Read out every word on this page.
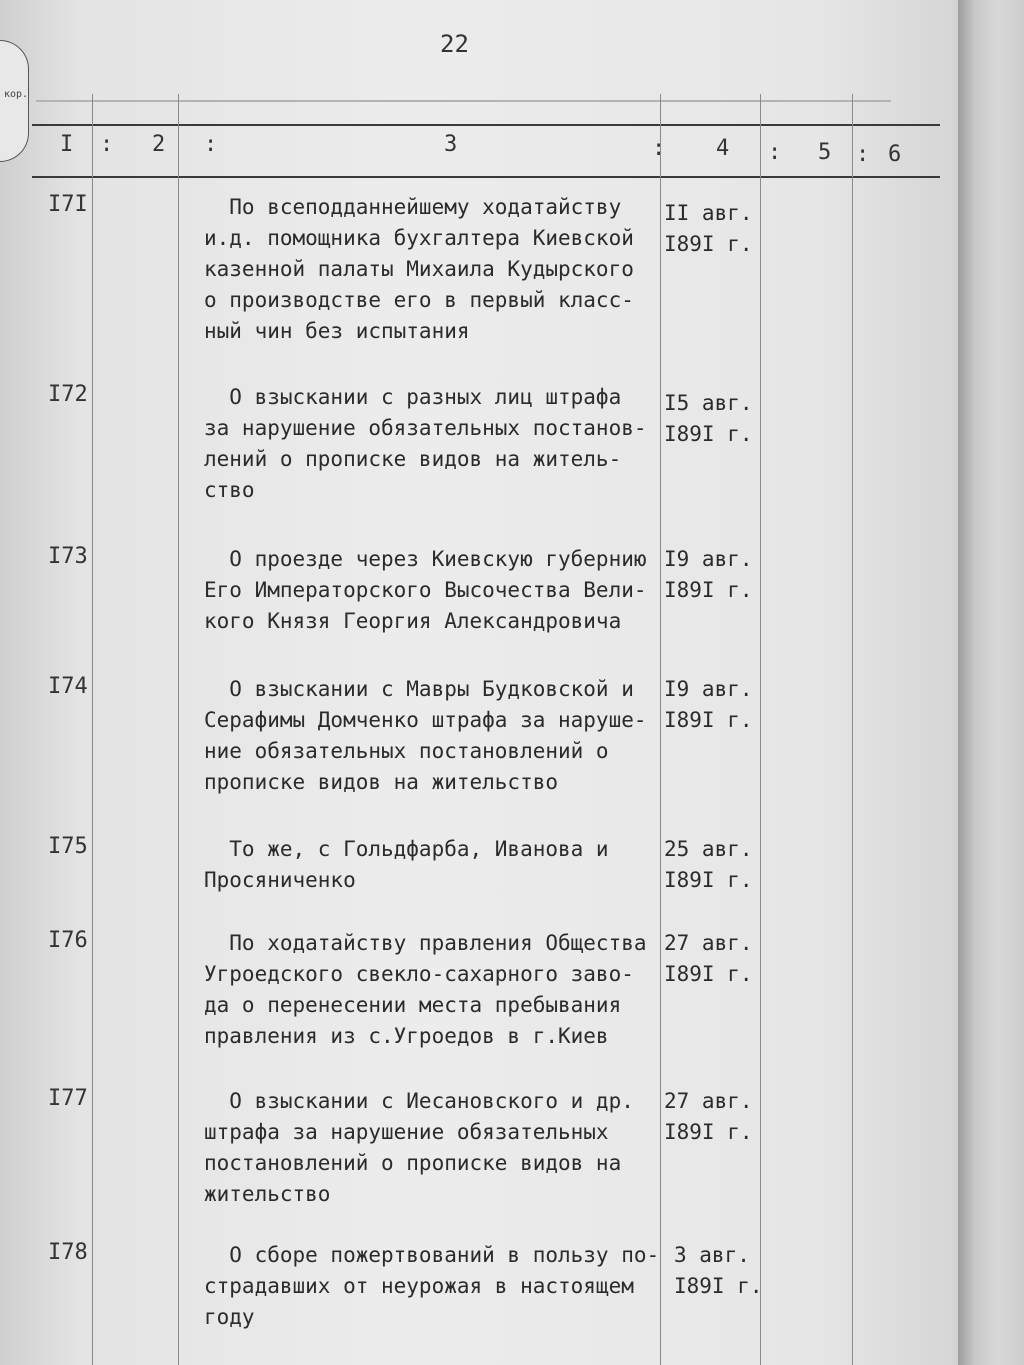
кор.
22
I : 2 :	3	: 4 : 5 : 6
I7I	По всеподданнейшему ходатайству
и.д. помощника бухгалтера Киевской
казенной палаты Михаила Кудырского
о производстве его в первый класс-
ный чин без испытания
II авг.
I89I г.
I72	О взыскании с разных лиц штрафа
за нарушение обязательных постанов-
лений о прописке видов на житель-
ство
I5 авг.
I89I г.
I73	О проезде через Киевскую губернию
Его Императорского Высочества Вели-
кого Князя Георгия Александровича
I9 авг.
I89I г.
I74	О взыскании с Мавры Будковской и
Серафимы Домченко штрафа за наруше-
ние обязательных постановлений о
прописке видов на жительство
I9 авг.
I89I г.
I75	То же, с Гольдфарба, Иванова и
Просяниченко
25 авг.
I89I г.
I76	По ходатайству правления Общества
Угроедского свекло-сахарного заво-
да о перенесении места пребывания
правления из с.Угроедов в г.Киев
27 авг.
I89I г.
I77	О взыскании с Иесановского и др.
штрафа за нарушение обязательных
постановлений о прописке видов на
жительство
27 авг.
I89I г.
I78	О сборе пожертвований в пользу по-
страдавших от неурожая в настоящем
году
3 авг.
I89I г.
